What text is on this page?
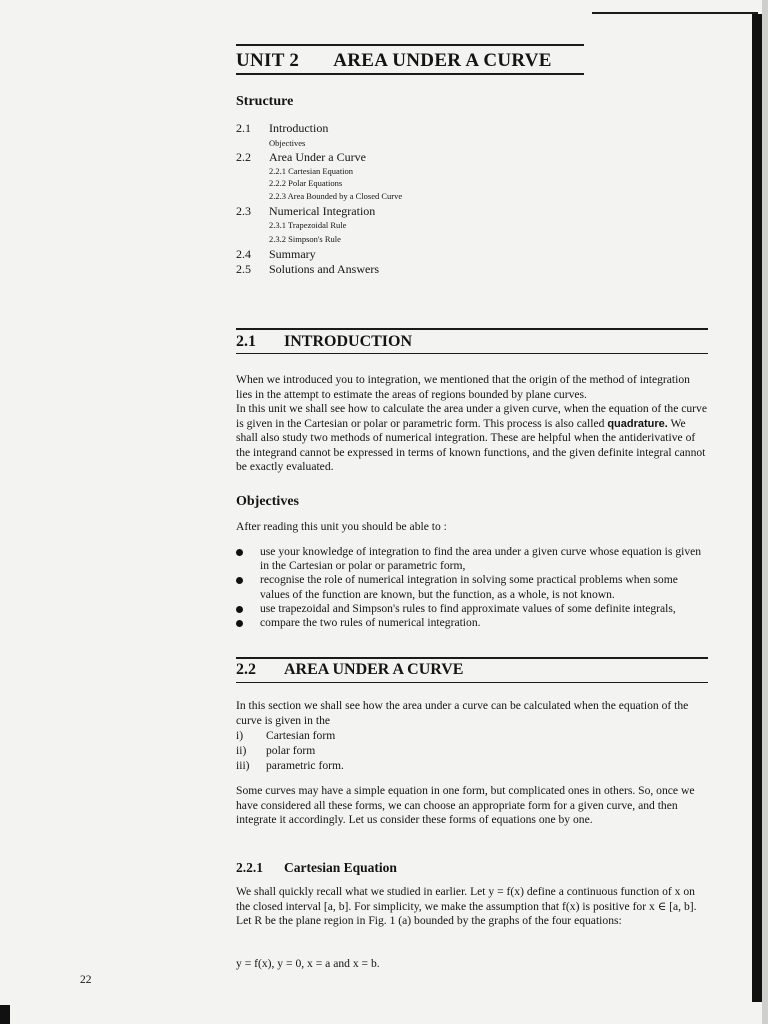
UNIT 2 AREA UNDER A CURVE
Structure
2.1 Introduction
Objectives
2.2 Area Under a Curve
2.2.1 Cartesian Equation
2.2.2 Polar Equations
2.2.3 Area Bounded by a Closed Curve
2.3 Numerical Integration
2.3.1 Trapezoidal Rule
2.3.2 Simpson's Rule
2.4 Summary
2.5 Solutions and Answers
2.1 INTRODUCTION

When we introduced you to integration, we mentioned that the origin of the method of integration lies in the attempt to estimate the areas of regions bounded by plane curves.

In this unit we shall see how to calculate the area under a given curve, when the equation of the curve is given in the Cartesian or polar or parametric form. This process is also called quadrature. We shall also study two methods of numerical integration. These are helpful when the antiderivative of the integrand cannot be expressed in terms of known functions, and the given definite integral cannot be exactly evaluated.

Objectives
After reading this unit you should be able to :
use your knowledge of integration to find the area under a given curve whose equation is given in the Cartesian or polar or parametric form,
recognise the role of numerical integration in solving some practical problems when some values of the function are known, but the function, as a whole, is not known.
use trapezoidal and Simpson's rules to find approximate values of some definite integrals,
compare the two rules of numerical integration.
2.2 AREA UNDER A CURVE
In this section we shall see how the area under a curve can be calculated when the equation of the curve is given in the
i) Cartesian form
ii) polar form
iii) parametric form.
Some curves may have a simple equation in one form, but complicated ones in others. So, once we have considered all these forms, we can choose an appropriate form for a given curve, and then integrate it accordingly. Let us consider these forms of equations one by one.
2.2.1 Cartesian Equation
We shall quickly recall what we studied in earlier. Let y = f(x) define a continuous function of x on the closed interval [a, b]. For simplicity, we make the assumption that f(x) is positive for x ∈ [a, b]. Let R be the plane region in Fig. 1 (a) bounded by the graphs of the four equations:
y = f(x), y = 0, x = a and x = b.
22
